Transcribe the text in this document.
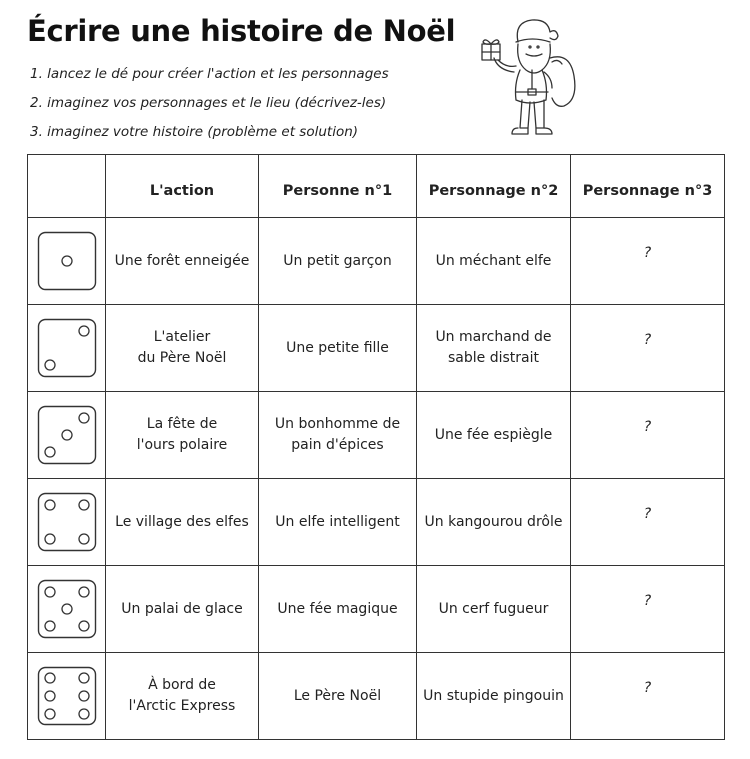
Écrire une histoire de Noël
1. lancez le dé pour créer l'action et les personnages
2. imaginez vos personnages et le lieu (décrivez-les)
3. imaginez votre histoire (problème et solution)
	L'action	Personne n°1	Personnage n°2	Personnage n°3

	Une forêt enneigée	Un petit garçon	Un méchant elfe	?

	L'atelier
du Père Noël	Une petite fille	Un marchand de
sable distrait	?

	La fête de
l'ours polaire	Un bonhomme de
pain d'épices	Une fée espiègle	?

	Le village des elfes	Un elfe intelligent	Un kangourou drôle	?

	Un palai de glace	Une fée magique	Un cerf fugueur	?

	À bord de
l'Arctic Express	Le Père Noël	Un stupide pingouin	?
